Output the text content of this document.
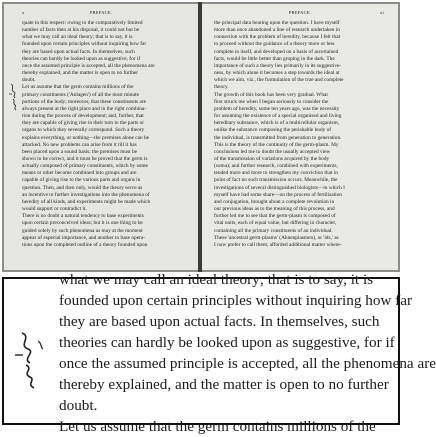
x	PREFACE.
quate in this respect: owing to the comparatively limited
number of facts then at his disposal, it could not but be
what we may call an ideal theory; that is to say, it is
founded upon certain principles without inquiring how far
they are based upon actual facts. In themselves, such
theories can hardly be looked upon as suggestive, for if
once the assumed principle is accepted, all the phenomena are
thereby explained, and the matter is open to no further
doubt.
Let us assume that the germ contains millions of the
primary constituents ('Anlagen') of all the most minute
portions of the body; moreover, that these constituents are
always present at the right place and in the right combina-
tion during the process of development; and, further, that
they are capable of giving rise in their turn to the parts or
organs to which they severally correspond. Such a theory
explains everything, or nothing—the premises alone can be
attacked. No new problems can arise from it till it has
been placed upon a sound basis; the premises must be
shown to be correct, and it must be proved that the germ is
actually composed of primary constituents, which by some
means or other become combined into groups and are
capable of giving rise to the various parts and organs in
question. Then, and then only, would the theory serve as
an incentive to further investigations into the phenomena of
heredity of all kinds, and experiments might be made which
would support or contradict it.
There is no doubt a natural tendency to base experiments
upon certain preconceived ideas; but it is one thing to be
guided solely by such phenomena as may at the moment
appear of especial importance, and another to base opera-
tions upon the completed outline of a theory founded upon
PREFACE.	xi
the principal data bearing upon the question. I have myself
more than once abandoned a line of research undertaken in
connection with the problem of heredity, because I felt that
to proceed without the guidance of a theory more or less
complete in itself, and developed on a basis of ascertained
facts, would be little better than groping in the dark. The
importance of such a theory lies primarily in its suggestive-
ness, by which alone it becomes a step towards the ideal at
which we aim, viz., the formulation of the true and complete
theory.
The growth of this book has been very gradual. What
first struck me when I began seriously to consider the
problem of heredity, some ten years ago, was the necessity
for assuming the existence of a special organised and living
hereditary substance, which is of a multicellular organism,
unlike the substance composing the perishable body of
the individual, is transmitted from generation to generation.
This is the theory of the continuity of the germ-plasm. My
conclusions led me to doubt the usually accepted view
of the transmission of variations acquired by the body
(soma); and further research, combined with experiments,
tended more and more to strengthen my conviction that in
point of fact no such transmission occurs. Meanwhile, the
investigations of several distinguished biologists—in which I
myself have had some share—on the process of fertilisation
and conjugation, brought about a complete revolution in
our previous ideas as to the meaning of this process, and
further led me to see that the germ-plasm is composed of
vital units, each of equal value, but differing in character,
containing all the primary constituents of an individual.
These 'ancestral germ-plasms' (Ahnenplasmen), or 'ids,' as
I now prefer to call them, afforded additional matter where-
what we may call an ideal theory; that is to say, it is
founded upon certain principles without inquiring how far
they are based upon actual facts. In themselves, such
theories can hardly be looked upon as suggestive, for if
once the assumed principle is accepted, all the phenomena are
thereby explained, and the matter is open to no further
doubt.
Let us assume that the germ contains millions of the
